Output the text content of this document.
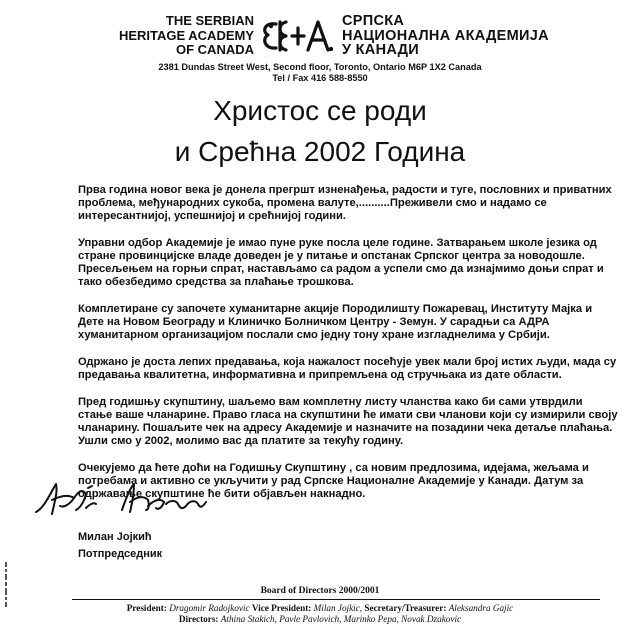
THE SERBIAN
HERITAGE ACADEMY
OF CANADA
СРПСКА
НАЦИОНАЛНА АКАДЕМИЈА
У КАНАДИ
2381 Dundas Street West, Second floor, Toronto, Ontario M6P 1X2 Canada
Tel / Fax 416 588-8550
Христос се роди
и Срећна 2002 Година

Прва година новог века је донела прегршт изненађења, радости и туге, пословних и приватних проблема, међународних сукоба, промена валуте,..........Преживели смо и надамо се интересантнијој, успешнијој и срећнијој години.

Управни одбор Академије је имао пуне руке посла целе године. Затварањем школе језика од стране провинцијске владе доведен је у питање и опстанак Српског центра за новодошле. Пресељењем на горњи спрат, настављамо са радом а успели смо да изнајмимо доњи спрат и тако обезбедимо средства за плаћање трошкова.

Комплетиране су започете хуманитарне акције Породилишту Пожаревац, Институту Мајка и Дете на Новом Београду и Клиничко Болничком Центру - Земун. У сарадњи са АДРА хуманитарном организацијом послали смо једну тону хране изгладнелима у Србији.

Одржано је доста лепих предавања, која нажалост посећује увек мали број истих људи, мада су предавања квалитетна, информативна и припремљена од стручњака из дате области.

Пред годишњу скупштину, шаљемо вам комплетну листу чланства како би сами утврдили стање ваше чланарине. Право гласа на скупштини ће имати сви чланови који су измирили своју чланарину. Пошаљите чек на адресу Академије и назначите на позадини чека детаље плаћања. Ушли смо у 2002, молимо вас да платите за текућу годину.

Очекујемо да ћете доћи на Годишњу Скупштину , са новим предлозима, идејама, жељама и потребама и активно се укључити у рад Српске Националне Академије у Канади. Датум за одржавање скупштине ће бити објављен накнадно.

Милан Јојкић
Потпредседник
Board of Directors 2000/2001
President: Dragomir Radojkovic Vice President: Milan Jojkic, Secretary/Treasurer: Aleksandra Gajic
Directors: Athina Stakich, Pavle Pavlovich, Marinko Pepa, Novak Dzakovic
